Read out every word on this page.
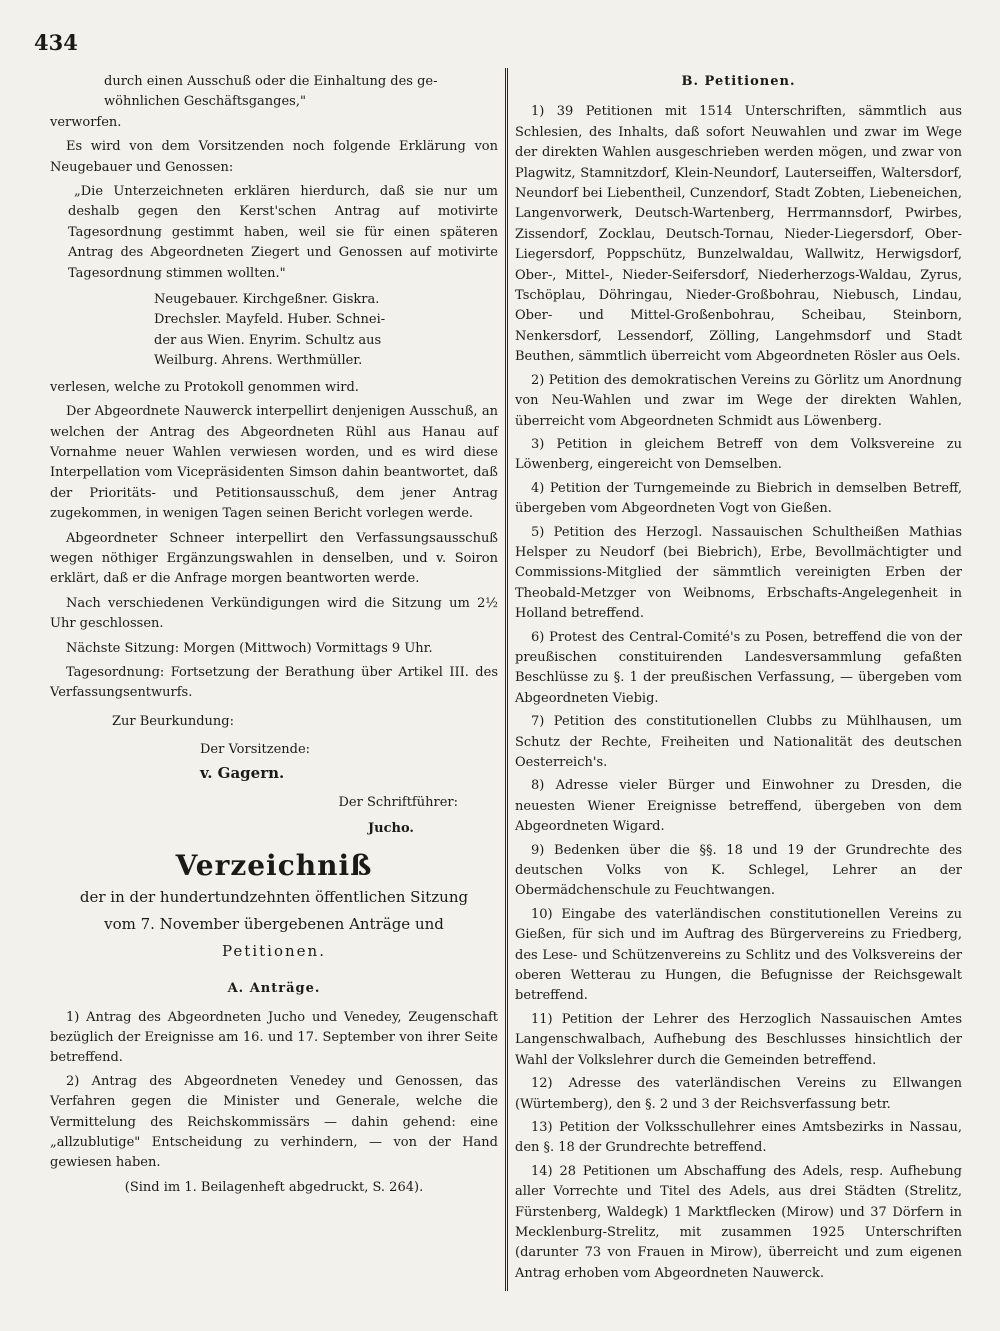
434

durch einen Ausschuß oder die Einhaltung des ge-

wöhnlichen Geschäftsganges,"

verworfen.

Es wird von dem Vorsitzenden noch folgende Erklärung von Neugebauer und Genossen:

„Die Unterzeichneten erklären hierdurch, daß sie nur um deshalb gegen den Kerst'schen Antrag auf motivirte Tagesordnung gestimmt haben, weil sie für einen späteren Antrag des Abgeordneten Ziegert und Genossen auf motivirte Tagesordnung stimmen wollten."

Neugebauer. Kirchgeßner. Giskra.

Drechsler. Mayfeld. Huber. Schnei-

der aus Wien. Enyrim. Schultz aus

Weilburg. Ahrens. Werthmüller.

verlesen, welche zu Protokoll genommen wird.

Der Abgeordnete Nauwerck interpellirt denjenigen Ausschuß, an welchen der Antrag des Abgeordneten Rühl aus Hanau auf Vornahme neuer Wahlen verwiesen worden, und es wird diese Interpellation vom Vicepräsidenten Simson dahin beantwortet, daß der Prioritäts- und Petitionsausschuß, dem jener Antrag zugekommen, in wenigen Tagen seinen Bericht vorlegen werde.

Abgeordneter Schneer interpellirt den Verfassungsausschuß wegen nöthiger Ergänzungswahlen in denselben, und v. Soiron erklärt, daß er die Anfrage morgen beantworten werde.

Nach verschiedenen Verkündigungen wird die Sitzung um 2½ Uhr geschlossen.

Nächste Sitzung: Morgen (Mittwoch) Vormittags 9 Uhr.

Tagesordnung: Fortsetzung der Berathung über Artikel III. des Verfassungsentwurfs.

Zur Beurkundung:

Der Vorsitzende:

v. Gagern.

Der Schriftführer:

Jucho.

Verzeichniß

der in der hundertundzehnten öffentlichen Sitzung

vom 7. November übergebenen Anträge und

Petitionen.

A. Anträge.

1) Antrag des Abgeordneten Jucho und Venedey, Zeugenschaft bezüglich der Ereignisse am 16. und 17. September von ihrer Seite betreffend.

2) Antrag des Abgeordneten Venedey und Genossen, das Verfahren gegen die Minister und Generale, welche die Vermittelung des Reichskommissärs — dahin gehend: eine „allzublutige" Entscheidung zu verhindern, — von der Hand gewiesen haben.

(Sind im 1. Beilagenheft abgedruckt, S. 264).

B. Petitionen.

1) 39 Petitionen mit 1514 Unterschriften, sämmtlich aus Schlesien, des Inhalts, daß sofort Neuwahlen und zwar im Wege der direkten Wahlen ausgeschrieben werden mögen, und zwar von Plagwitz, Stamnitzdorf, Klein-Neundorf, Lauterseiffen, Waltersdorf, Neundorf bei Liebentheil, Cunzendorf, Stadt Zobten, Liebeneichen, Langenvorwerk, Deutsch-Wartenberg, Herrmannsdorf, Pwirbes, Zissendorf, Zocklau, Deutsch-Tornau, Nieder-Liegersdorf, Ober-Liegersdorf, Poppschütz, Bunzelwaldau, Wallwitz, Herwigsdorf, Ober-, Mittel-, Nieder-Seifersdorf, Niederherzogs-Waldau, Zyrus, Tschöplau, Döhringau, Nieder-Großbohrau, Niebusch, Lindau, Ober- und Mittel-Großenbohrau, Scheibau, Steinborn, Nenkersdorf, Lessendorf, Zölling, Langehmsdorf und Stadt Beuthen, sämmtlich überreicht vom Abgeordneten Rösler aus Oels.

2) Petition des demokratischen Vereins zu Görlitz um Anordnung von Neu-Wahlen und zwar im Wege der direkten Wahlen, überreicht vom Abgeordneten Schmidt aus Löwenberg.

3) Petition in gleichem Betreff von dem Volksvereine zu Löwenberg, eingereicht von Demselben.

4) Petition der Turngemeinde zu Biebrich in demselben Betreff, übergeben vom Abgeordneten Vogt von Gießen.

5) Petition des Herzogl. Nassauischen Schultheißen Mathias Helsper zu Neudorf (bei Biebrich), Erbe, Bevollmächtigter und Commissions-Mitglied der sämmtlich vereinigten Erben der Theobald-Metzger von Weibnoms, Erbschafts-Angelegenheit in Holland betreffend.

6) Protest des Central-Comité's zu Posen, betreffend die von der preußischen constituirenden Landesversammlung gefaßten Beschlüsse zu §. 1 der preußischen Verfassung, — übergeben vom Abgeordneten Viebig.

7) Petition des constitutionellen Clubbs zu Mühlhausen, um Schutz der Rechte, Freiheiten und Nationalität des deutschen Oesterreich's.

8) Adresse vieler Bürger und Einwohner zu Dresden, die neuesten Wiener Ereignisse betreffend, übergeben von dem Abgeordneten Wigard.

9) Bedenken über die §§. 18 und 19 der Grundrechte des deutschen Volks von K. Schlegel, Lehrer an der Obermädchenschule zu Feuchtwangen.

10) Eingabe des vaterländischen constitutionellen Vereins zu Gießen, für sich und im Auftrag des Bürgervereins zu Friedberg, des Lese- und Schützenvereins zu Schlitz und des Volksvereins der oberen Wetterau zu Hungen, die Befugnisse der Reichsgewalt betreffend.

11) Petition der Lehrer des Herzoglich Nassauischen Amtes Langenschwalbach, Aufhebung des Beschlusses hinsichtlich der Wahl der Volkslehrer durch die Gemeinden betreffend.

12) Adresse des vaterländischen Vereins zu Ellwangen (Würtemberg), den §. 2 und 3 der Reichsverfassung betr.

13) Petition der Volksschullehrer eines Amtsbezirks in Nassau, den §. 18 der Grundrechte betreffend.

14) 28 Petitionen um Abschaffung des Adels, resp. Aufhebung aller Vorrechte und Titel des Adels, aus drei Städten (Strelitz, Fürstenberg, Waldegk) 1 Marktflecken (Mirow) und 37 Dörfern in Mecklenburg-Strelitz, mit zusammen 1925 Unterschriften (darunter 73 von Frauen in Mirow), überreicht und zum eigenen Antrag erhoben vom Abgeordneten Nauwerck.
